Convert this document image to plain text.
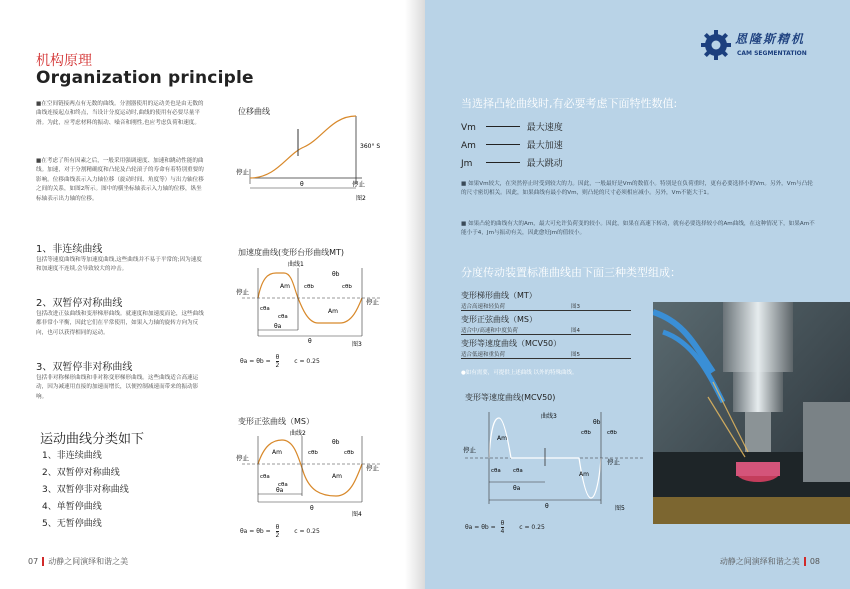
机构原理
Organization principle
■在空间链接两点有无数的曲线。分割器使用的运动美也是由无数的曲线连接起点和终点，当设计分度运动时,曲线的使用有必要尽量平滑。为此，应考虑材料的振动、噪音和刚性,也应考虑负荷和速度。
■在考虑了所有因素之后，一般采用强调速度、加速和跳动性能的曲线。加速，对于分割精确度和凸轮及凸轮滚子的寿命有着特别重要的影响。位移曲线表示入力轴位移（旋动时间、角度等）与出力轴位移之间的关系，如图2所示。图中的横坐标轴表示入力轴的位移，纵坐标轴表示出力轴的位移。
1、非连续曲线
包括等速度曲线和等加速度曲线,这些曲线并不易于平常的;因为速度和加速度不连续,会导致较大的冲击。
2、双暂停对称曲线
包括改进正弦曲线和变形梯形曲线。就速度和加速度而论，这些曲线都非常小平衡，因此它们在平常使用，如果入力轴的旋转方向为反向，也可以获得相同的运动。
3、双暂停非对称曲线
包括非对称梯形曲线和非对称变形梯形曲线。这些曲线适合高速运动，因为减速用直接的加速而增长，以便控制减速而带来的振动影响。
运动曲线分类如下
1、非连续曲线
2、双暂停对称曲线
3、双暂停非对称曲线
4、单暂停曲线
5、无暂停曲线
位移曲线
停止
停止
360° S
θ
图2
加速度曲线(变形台形曲线MT)
停止
停止
曲线1
Am
Am
cθb	cθb
cθa
cθa
θb
θa
θ	图3
$\theta a = \theta b = \frac{\theta}{2}$ c = 0.25
变形正弦曲线（MS）
停止
停止
曲线2
Am
Am
cθb	cθb
cθa
cθa
θb
θa
θ
图4
$\theta a = \theta b = \frac{\theta}{2}$ c = 0.25
07 动静之间演绎和谐之美
恩隆斯精机
CAM SEGMENTATION
当选择凸轮曲线时,有必要考虑下面特性数值:
Vm	最大速度
Am	最大加速
Jm	最大跳动
■ 如果Vm较大，在突然停止时受到较大的力。因此，一般最好是Vm的数值小。特别是在负荷重时，更有必要选择小的Vm。另外，Vm与凸轮的尺寸密切相关。因此，如果曲线有最小的Vm，则凸轮的尺寸必须相应减小。另外，Vm不能大于1。
■ 如果凸轮的曲线有大的Am，最大可允许负荷变的较小。因此，如果在高速下转动，就有必要选择较小的Am曲线，在这种情况下，如果Am不能小于4，Jm与振动有关，因此愈好Jm的值较小。
分度传动装置标准曲线由下面三种类型组成：
变形梯形曲线（MT）
适合高速和轻负荷	图3
变形正弦曲线（MS）
适合中/高速和中度负荷	图4
变形等速度曲线（MCV50）
适合低速和重负荷	图5
●如有需要，可提供上述曲线 以外的特殊曲线。
变形等速度曲线(MCV50)
停止
停止
曲线3
Am
Am
cθb	cθb
cθa cθa
θb
θa
θ	图5
$\theta a = \theta b = \frac{\theta}{4}$ c = 0.25
动静之间演绎和谐之美 08
